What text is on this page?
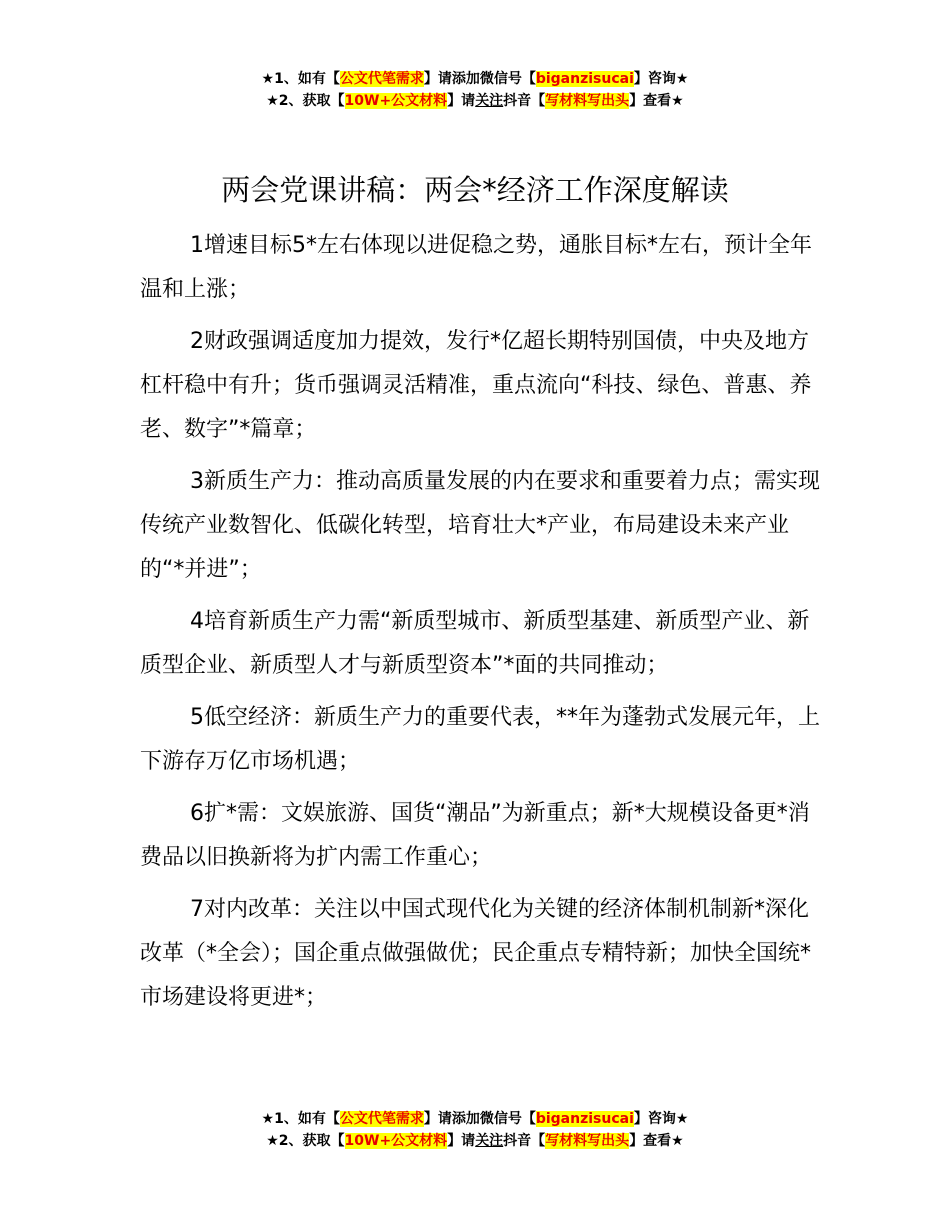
★1、如有【公文代笔需求】请添加微信号【biganzisucai】咨询★
★2、获取【10W+公文材料】请关注抖音【写材料写出头】查看★
两会党课讲稿：两会*经济工作深度解读

1增速目标5*左右体现以进促稳之势，通胀目标*左右，预计全年温和上涨；

2财政强调适度加力提效，发行*亿超长期特别国债，中央及地方杠杆稳中有升；货币强调灵活精准，重点流向“科技、绿色、普惠、养老、数字”*篇章；

3新质生产力：推动高质量发展的内在要求和重要着力点；需实现传统产业数智化、低碳化转型，培育壮大*产业，布局建设未来产业的“*并进”；

4培育新质生产力需“新质型城市、新质型基建、新质型产业、新质型企业、新质型人才与新质型资本”*面的共同推动；

5低空经济：新质生产力的重要代表，**年为蓬勃式发展元年，上下游存万亿市场机遇；

6扩*需：文娱旅游、国货“潮品”为新重点；新*大规模设备更*消费品以旧换新将为扩内需工作重心；

7对内改革：关注以中国式现代化为关键的经济体制机制新*深化改革（*全会）；国企重点做强做优；民企重点专精特新；加快全国统*市场建设将更进*；

★1、如有【公文代笔需求】请添加微信号【biganzisucai】咨询★
★2、获取【10W+公文材料】请关注抖音【写材料写出头】查看★
